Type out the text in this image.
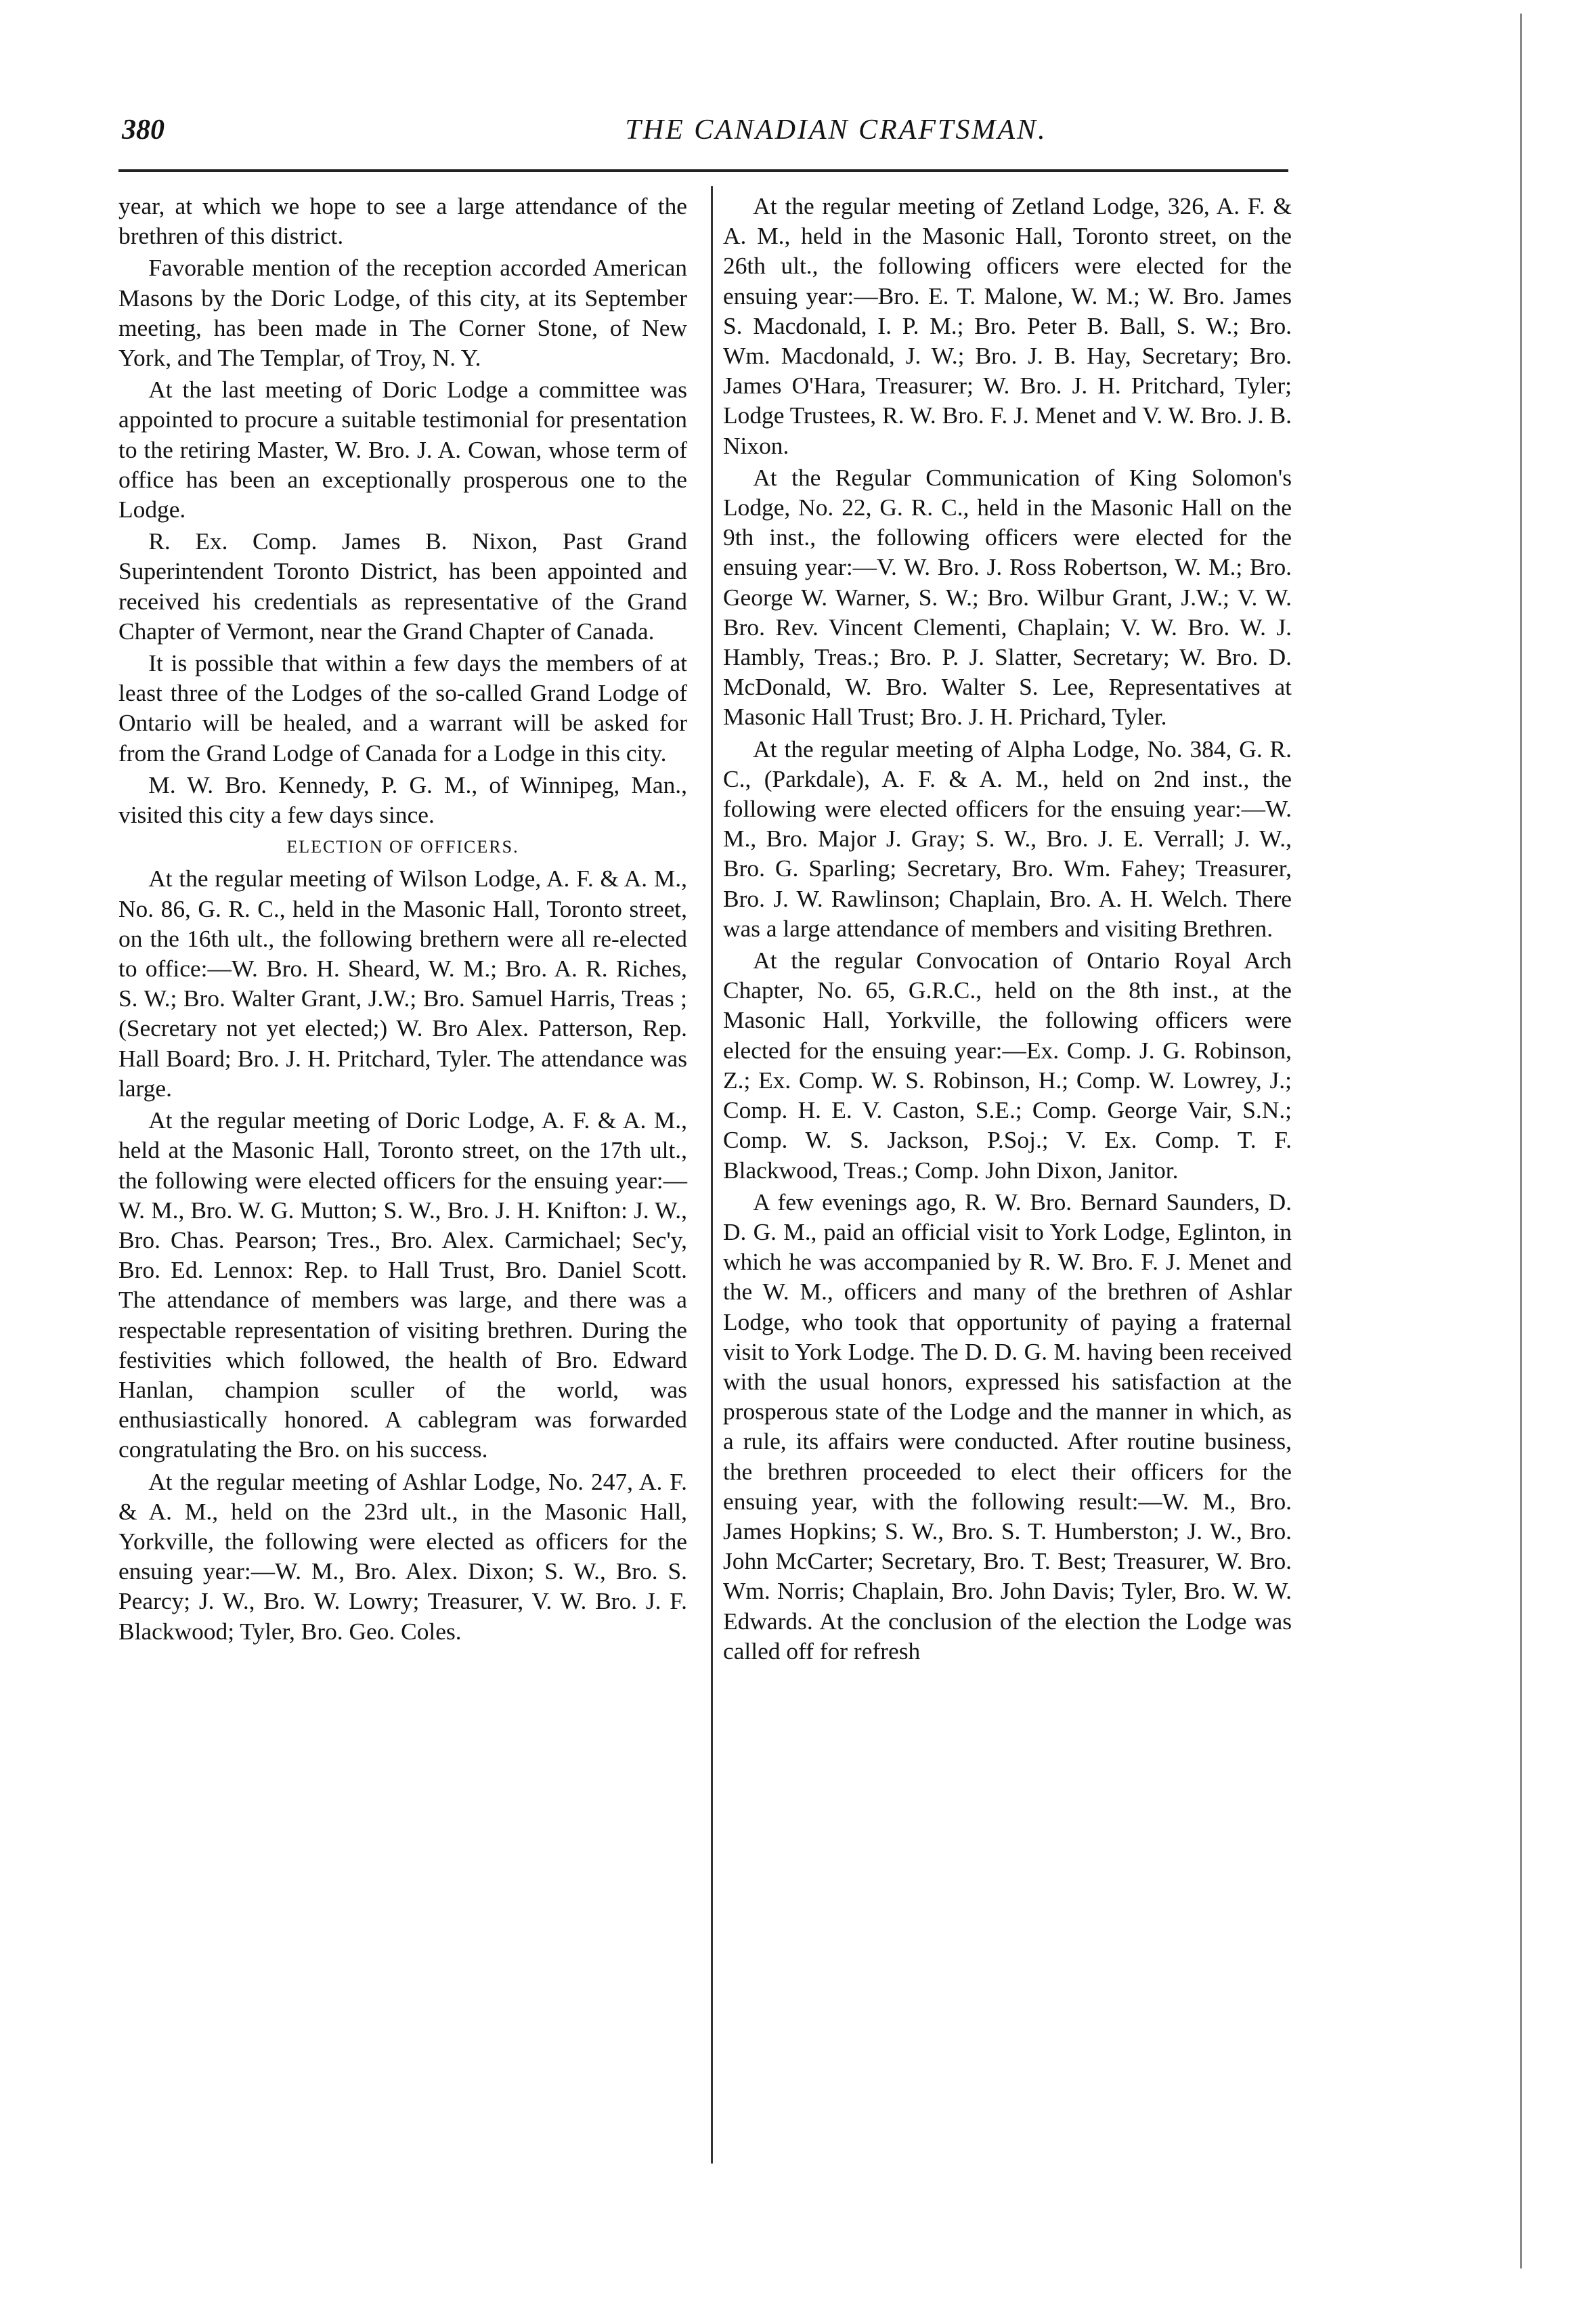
380	THE CANADIAN CRAFTSMAN.

year, at which we hope to see a large attendance of the brethren of this district.

Favorable mention of the reception accorded American Masons by the Doric Lodge, of this city, at its September meeting, has been made in The Corner Stone, of New York, and The Templar, of Troy, N. Y.

At the last meeting of Doric Lodge a committee was appointed to procure a suitable testimonial for presentation to the retiring Master, W. Bro. J. A. Cowan, whose term of office has been an exceptionally prosperous one to the Lodge.

R. Ex. Comp. James B. Nixon, Past Grand Superintendent Toronto District, has been appointed and received his credentials as representative of the Grand Chapter of Vermont, near the Grand Chapter of Canada.

It is possible that within a few days the members of at least three of the Lodges of the so-called Grand Lodge of Ontario will be healed, and a warrant will be asked for from the Grand Lodge of Canada for a Lodge in this city.

M. W. Bro. Kennedy, P. G. M., of Winnipeg, Man., visited this city a few days since.

ELECTION OF OFFICERS.

At the regular meeting of Wilson Lodge, A. F. & A. M., No. 86, G. R. C., held in the Masonic Hall, Toronto street, on the 16th ult., the following brethern were all re-elected to office:—W. Bro. H. Sheard, W. M.; Bro. A. R. Riches, S. W.; Bro. Walter Grant, J.W.; Bro. Samuel Harris, Treas ; (Secretary not yet elected;) W. Bro Alex. Patterson, Rep. Hall Board; Bro. J. H. Pritchard, Tyler. The attendance was large.

At the regular meeting of Doric Lodge, A. F. & A. M., held at the Masonic Hall, Toronto street, on the 17th ult., the following were elected officers for the ensuing year:—W. M., Bro. W. G. Mutton; S. W., Bro. J. H. Knifton: J. W., Bro. Chas. Pearson; Tres., Bro. Alex. Carmichael; Sec'y, Bro. Ed. Lennox: Rep. to Hall Trust, Bro. Daniel Scott. The attendance of members was large, and there was a respectable representation of visiting brethren. During the festivities which followed, the health of Bro. Edward Hanlan, champion sculler of the world, was enthusiastically honored. A cablegram was forwarded congratulating the Bro. on his success.

At the regular meeting of Ashlar Lodge, No. 247, A. F. & A. M., held on the 23rd ult., in the Masonic Hall, Yorkville, the following were elected as officers for the ensuing year:—W. M., Bro. Alex. Dixon; S. W., Bro. S. Pearcy; J. W., Bro. W. Lowry; Treasurer, V. W. Bro. J. F. Blackwood; Tyler, Bro. Geo. Coles.

At the regular meeting of Zetland Lodge, 326, A. F. & A. M., held in the Masonic Hall, Toronto street, on the 26th ult., the following officers were elected for the ensuing year:—Bro. E. T. Malone, W. M.; W. Bro. James S. Macdonald, I. P. M.; Bro. Peter B. Ball, S. W.; Bro. Wm. Macdonald, J. W.; Bro. J. B. Hay, Secretary; Bro. James O'Hara, Treasurer; W. Bro. J. H. Pritchard, Tyler; Lodge Trustees, R. W. Bro. F. J. Menet and V. W. Bro. J. B. Nixon.

At the Regular Communication of King Solomon's Lodge, No. 22, G. R. C., held in the Masonic Hall on the 9th inst., the following officers were elected for the ensuing year:—V. W. Bro. J. Ross Robertson, W. M.; Bro. George W. Warner, S. W.; Bro. Wilbur Grant, J.W.; V. W. Bro. Rev. Vincent Clementi, Chaplain; V. W. Bro. W. J. Hambly, Treas.; Bro. P. J. Slatter, Secretary; W. Bro. D. McDonald, W. Bro. Walter S. Lee, Representatives at Masonic Hall Trust; Bro. J. H. Prichard, Tyler.

At the regular meeting of Alpha Lodge, No. 384, G. R. C., (Parkdale), A. F. & A. M., held on 2nd inst., the following were elected officers for the ensuing year:—W. M., Bro. Major J. Gray; S. W., Bro. J. E. Verrall; J. W., Bro. G. Sparling; Secretary, Bro. Wm. Fahey; Treasurer, Bro. J. W. Rawlinson; Chaplain, Bro. A. H. Welch. There was a large attendance of members and visiting Brethren.

At the regular Convocation of Ontario Royal Arch Chapter, No. 65, G.R.C., held on the 8th inst., at the Masonic Hall, Yorkville, the following officers were elected for the ensuing year:—Ex. Comp. J. G. Robinson, Z.; Ex. Comp. W. S. Robinson, H.; Comp. W. Lowrey, J.; Comp. H. E. V. Caston, S.E.; Comp. George Vair, S.N.; Comp. W. S. Jackson, P.Soj.; V. Ex. Comp. T. F. Blackwood, Treas.; Comp. John Dixon, Janitor.

A few evenings ago, R. W. Bro. Bernard Saunders, D. D. G. M., paid an official visit to York Lodge, Eglinton, in which he was accompanied by R. W. Bro. F. J. Menet and the W. M., officers and many of the brethren of Ashlar Lodge, who took that opportunity of paying a fraternal visit to York Lodge. The D. D. G. M. having been received with the usual honors, expressed his satisfaction at the prosperous state of the Lodge and the manner in which, as a rule, its affairs were conducted. After routine business, the brethren proceeded to elect their officers for the ensuing year, with the following result:—W. M., Bro. James Hopkins; S. W., Bro. S. T. Humberston; J. W., Bro. John McCarter; Secretary, Bro. T. Best; Treasurer, W. Bro. Wm. Norris; Chaplain, Bro. John Davis; Tyler, Bro. W. W. Edwards. At the conclusion of the election the Lodge was called off for refresh
